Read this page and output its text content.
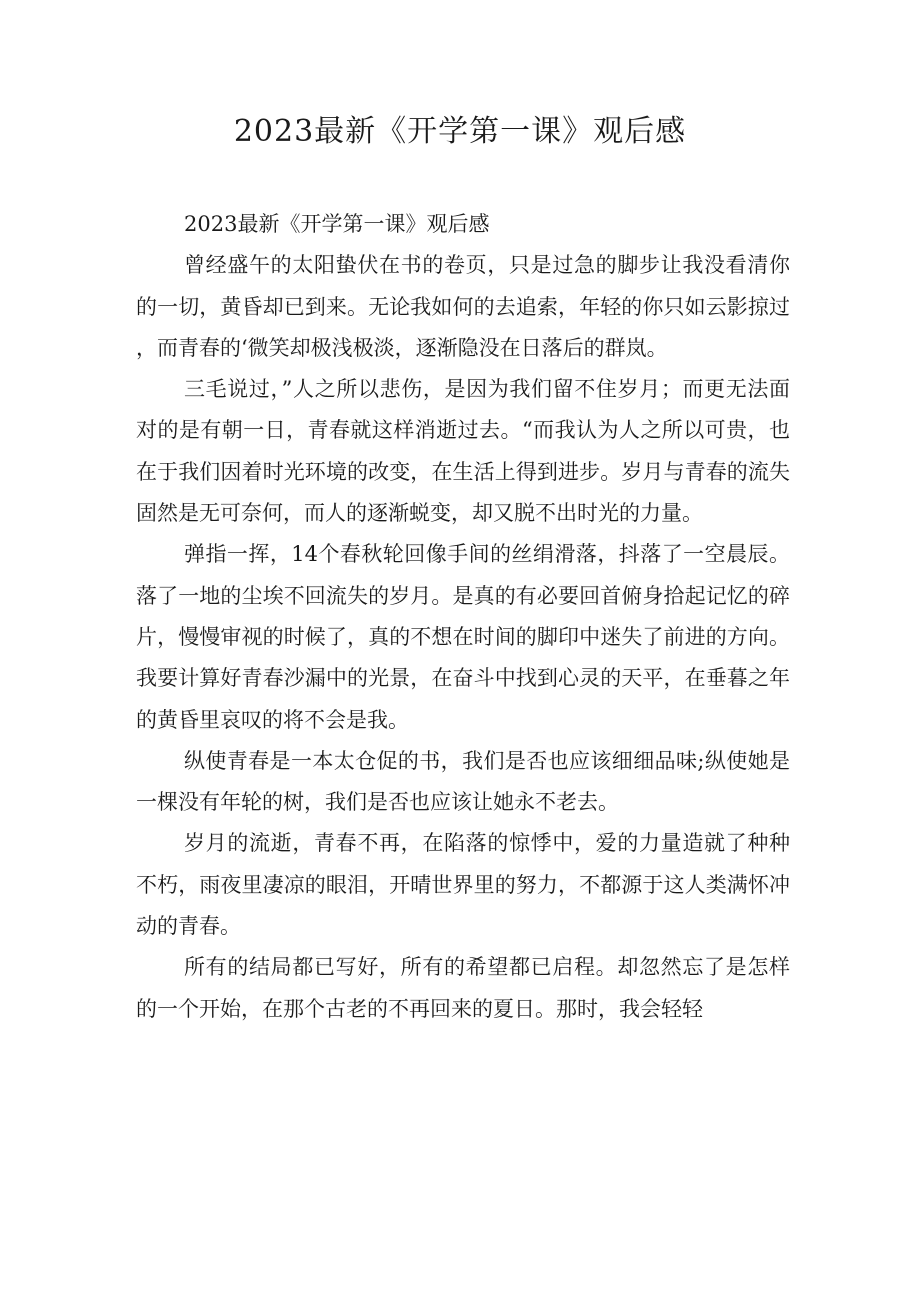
2023最新《开学第一课》观后感

2023最新《开学第一课》观后感

曾经盛午的太阳蛰伏在书的卷页，只是过急的脚步让我没看清你的一切，黄昏却已到来。无论我如何的去追索，年轻的你只如云影掠过，而青春的‘微笑却极浅极淡，逐渐隐没在日落后的群岚。

三毛说过，”人之所以悲伤，是因为我们留不住岁月；而更无法面对的是有朝一日，青春就这样消逝过去。“而我认为人之所以可贵，也在于我们因着时光环境的改变，在生活上得到进步。岁月与青春的流失固然是无可奈何，而人的逐渐蜕变，却又脱不出时光的力量。

弹指一挥，14个春秋轮回像手间的丝绢滑落，抖落了一空晨辰。落了一地的尘埃不回流失的岁月。是真的有必要回首俯身拾起记忆的碎片，慢慢审视的时候了，真的不想在时间的脚印中迷失了前进的方向。我要计算好青春沙漏中的光景，在奋斗中找到心灵的天平，在垂暮之年的黄昏里哀叹的将不会是我。

纵使青春是一本太仓促的书，我们是否也应该细细品味;纵使她是一棵没有年轮的树，我们是否也应该让她永不老去。

岁月的流逝，青春不再，在陷落的惊悸中，爱的力量造就了种种不朽，雨夜里凄凉的眼泪，开晴世界里的努力，不都源于这人类满怀冲动的青春。

所有的结局都已写好，所有的希望都已启程。却忽然忘了是怎样的一个开始，在那个古老的不再回来的夏日。那时，我会轻轻
